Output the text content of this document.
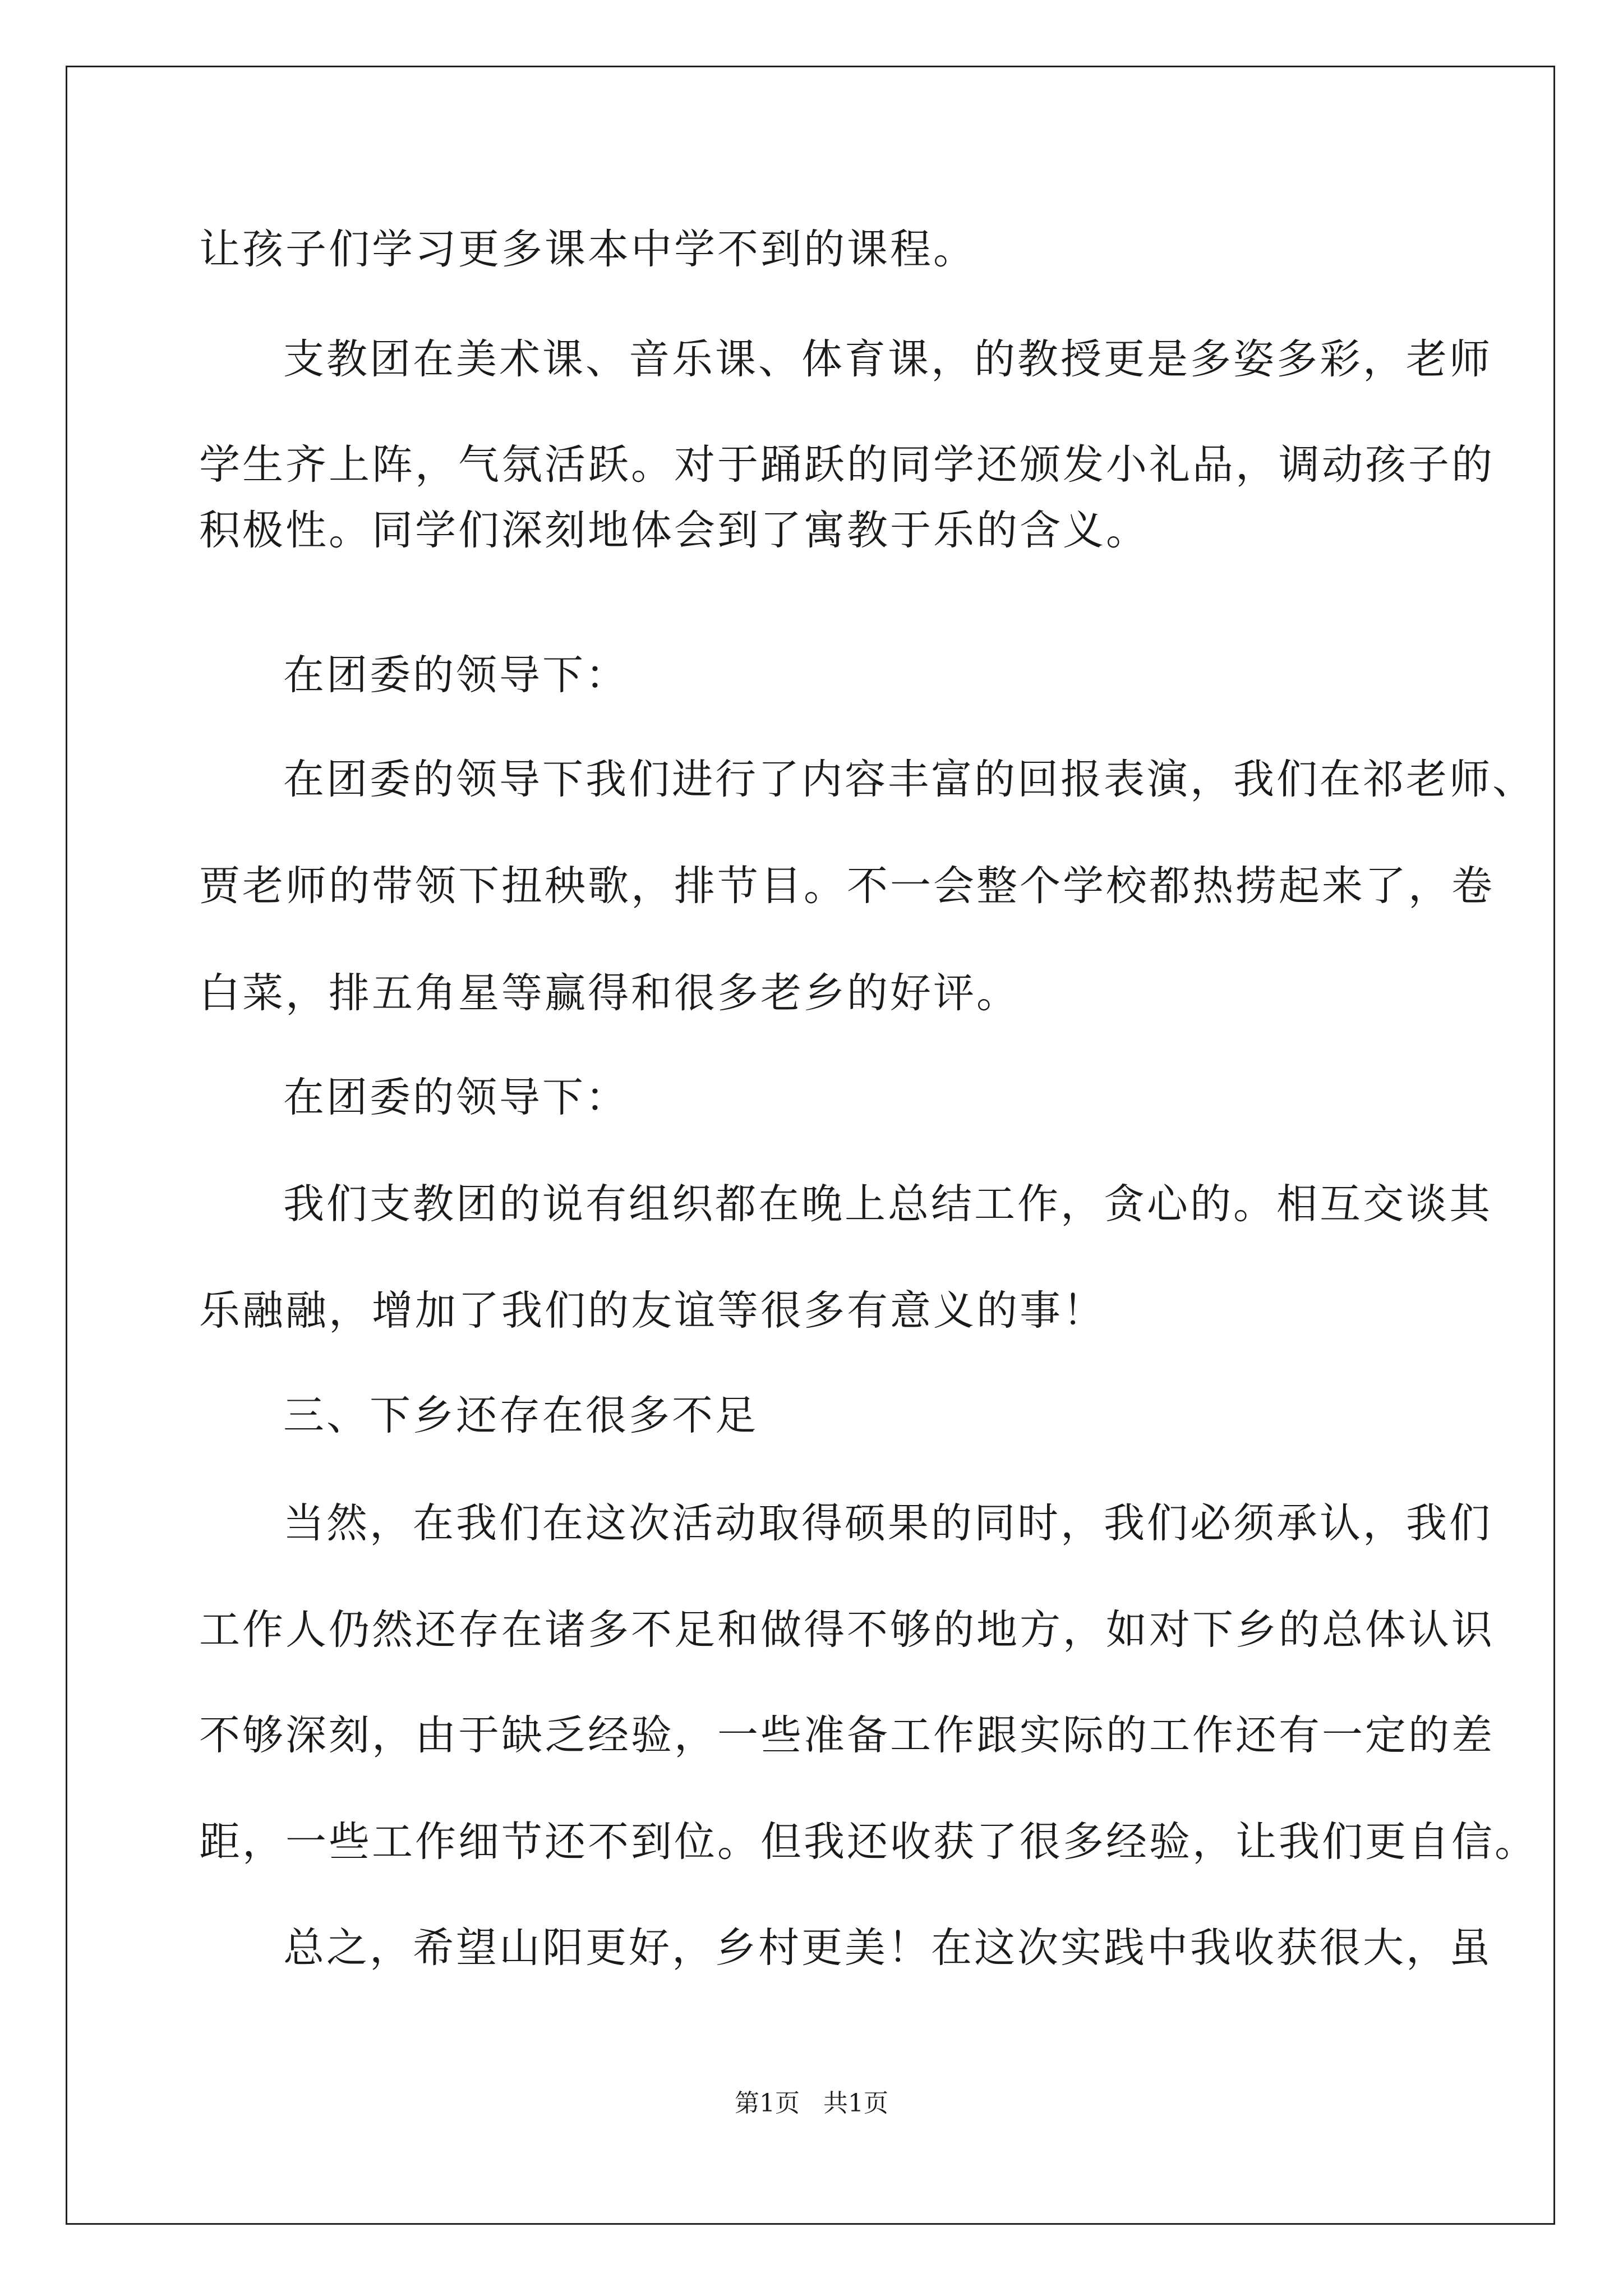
让孩子们学习更多课本中学不到的课程。

支教团在美术课、音乐课、体育课，的教授更是多姿多彩，老师

学生齐上阵，气氛活跃。对于踊跃的同学还颁发小礼品，调动孩子的

积极性。同学们深刻地体会到了寓教于乐的含义。

在团委的领导下：

在团委的领导下我们进行了内容丰富的回报表演，我们在祁老师、

贾老师的带领下扭秧歌，排节目。不一会整个学校都热捞起来了，卷

白菜，排五角星等赢得和很多老乡的好评。

在团委的领导下：

我们支教团的说有组织都在晚上总结工作，贪心的。相互交谈其

乐融融，增加了我们的友谊等很多有意义的事！

三、下乡还存在很多不足

当然，在我们在这次活动取得硕果的同时，我们必须承认，我们

工作人仍然还存在诸多不足和做得不够的地方，如对下乡的总体认识

不够深刻，由于缺乏经验，一些准备工作跟实际的工作还有一定的差

距，一些工作细节还不到位。但我还收获了很多经验，让我们更自信。

总之，希望山阳更好，乡村更美！在这次实践中我收获很大，虽

第1页   共1页
